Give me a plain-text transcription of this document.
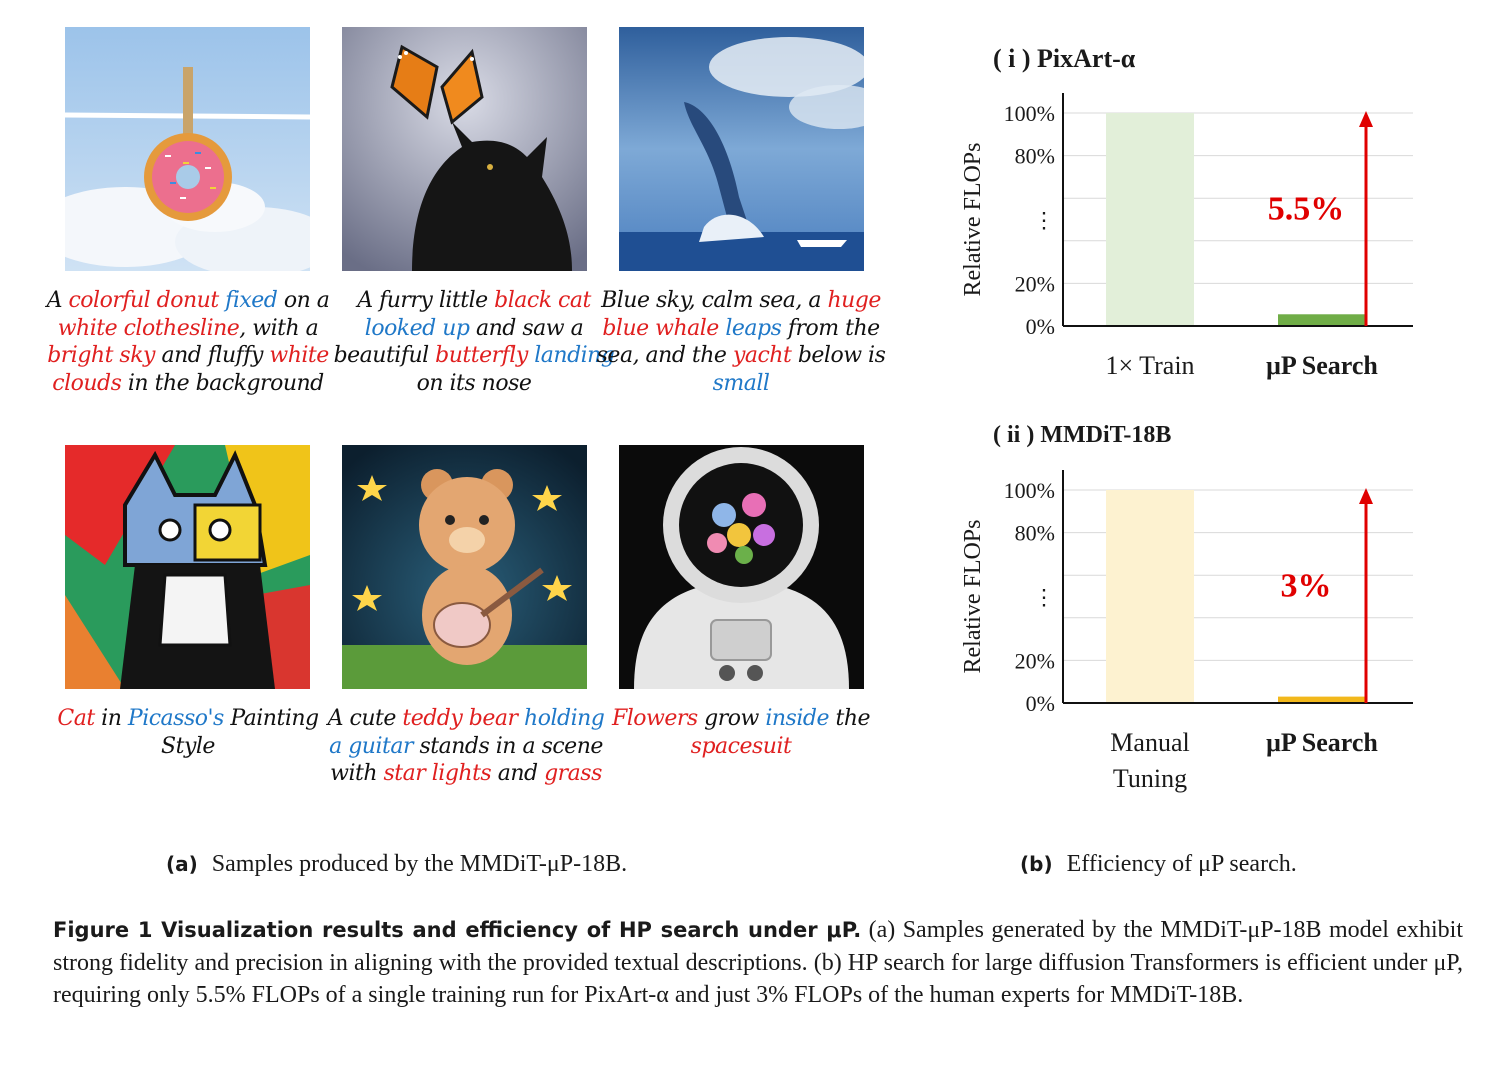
A colorful donut fixed on a white clothesline, with a bright sky and fluffy white clouds in the background
A furry little black cat looked up and saw a beautiful butterfly landing on its nose
Blue sky, calm sea, a huge blue whale leaps from the sea, and the yacht below is small
Cat in Picasso's Painting Style
A cute teddy bear holding a guitar stands in a scene with star lights and grass
Flowers grow inside the spacesuit
( i ) PixArt-α
( ii ) MMDiT-18B
100%
80%
⋮
20%
0%
Relative FLOPs	5.5%
1× Train	μP Search
100%
80%
⋮
20%
0%
Relative FLOPs	3%
Manual Tuning
μP Search
(a) Samples produced by the MMDiT-μP-18B.	(b) Efficiency of μP search.
Figure 1 Visualization results and efficiency of HP search under μP. (a) Samples generated by the MMDiT-μP-18B model exhibit strong fidelity and precision in aligning with the provided textual descriptions. (b) HP search for large diffusion Transformers is efficient under μP, requiring only 5.5% FLOPs of a single training run for PixArt-α and just 3% FLOPs of the human experts for MMDiT-18B.
